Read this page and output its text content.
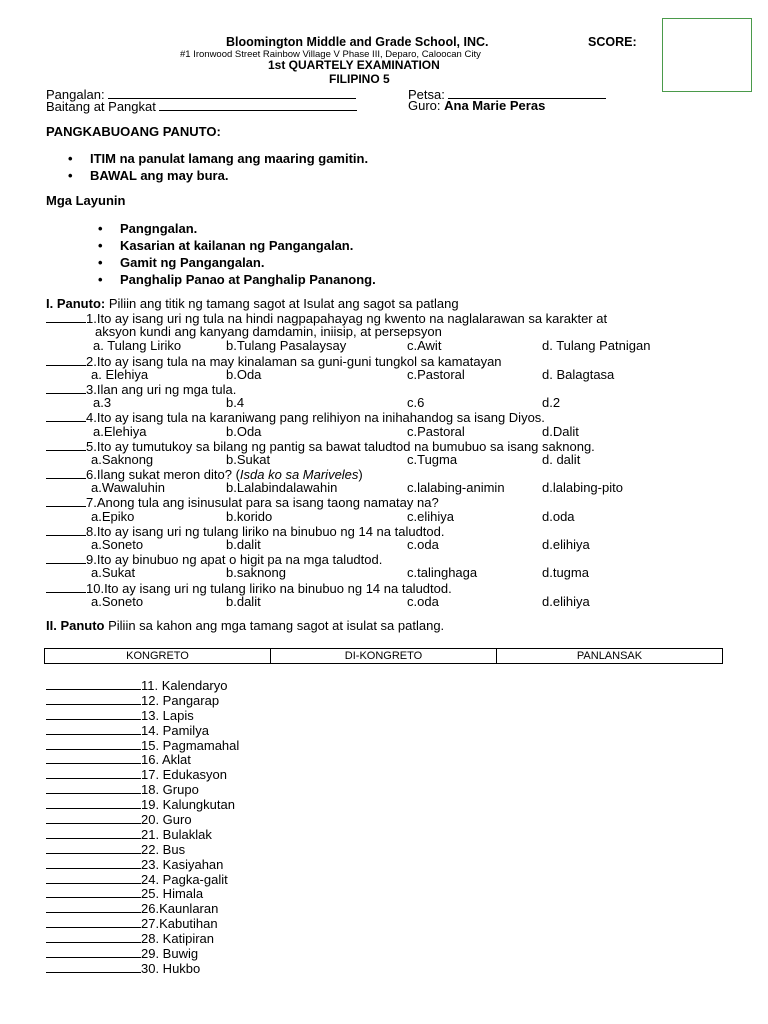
Bloomington Middle and Grade School, INC.	SCORE:
#1 Ironwood Street Rainbow Village V Phase III, Deparo, Caloocan City
1st QUARTELY EXAMINATION
FILIPINO 5
Pangalan:	Petsa:
Baitang at Pangkat	Guro: Ana Marie Peras
PANGKABUOANG PANUTO:
• ITIM na panulat lamang ang maaring gamitin.
• BAWAL ang may bura.
Mga Layunin
• Pangngalan.
• Kasarian at kailanan ng Pangangalan.
• Gamit ng Pangangalan.
• Panghalip Panao at Panghalip Pananong.
I. Panuto: Piliin ang titik ng tamang sagot at Isulat ang sagot sa patlang
1.Ito ay isang uri ng tula na hindi nagpapahayag ng kwento na naglalarawan sa karakter at
aksyon kundi ang kanyang damdamin, iniisip, at persepsyon
a. Tulang Liriko	b.Tulang Pasalaysay	c.Awit	d. Tulang Patnigan
2.Ito ay isang tula na may kinalaman sa guni-guni tungkol sa kamatayan
a. Elehiya	b.Oda	c.Pastoral	d. Balagtasa
3.Ilan ang uri ng mga tula.
a.3	b.4	c.6	d.2
4.Ito ay isang tula na karaniwang pang relihiyon na inihahandog sa isang Diyos.
a.Elehiya	b.Oda	c.Pastoral	d.Dalit
5.Ito ay tumutukoy sa bilang ng pantig sa bawat taludtod na bumubuo sa isang saknong.
a.Saknong	b.Sukat	c.Tugma	d. dalit
6.Ilang sukat meron dito? (Isda ko sa Mariveles)
a.Wawaluhin	b.Lalabindalawahin	c.lalabing-animin	d.lalabing-pito
7.Anong tula ang isinusulat para sa isang taong namatay na?
a.Epiko	b.korido	c.elihiya	d.oda
8.Ito ay isang uri ng tulang liriko na binubuo ng 14 na taludtod.
a.Soneto	b.dalit	c.oda	d.elihiya
9.Ito ay binubuo ng apat o higit pa na mga taludtod.
a.Sukat	b.saknong	c.talinghaga	d.tugma
10.Ito ay isang uri ng tulang liriko na binubuo ng 14 na taludtod.
a.Soneto	b.dalit	c.oda	d.elihiya
II. Panuto Piliin sa kahon ang mga tamang sagot at isulat sa patlang.
KONGRETO	DI-KONGRETO	PANLANSAK
11. Kalendaryo
12. Pangarap
13. Lapis
14. Pamilya
15. Pagmamahal
16. Aklat
17. Edukasyon
18. Grupo
19. Kalungkutan
20. Guro
21. Bulaklak
22. Bus
23. Kasiyahan
24. Pagka-galit
25. Himala
26.Kaunlaran
27.Kabutihan
28. Katipiran
29. Buwig
30. Hukbo
